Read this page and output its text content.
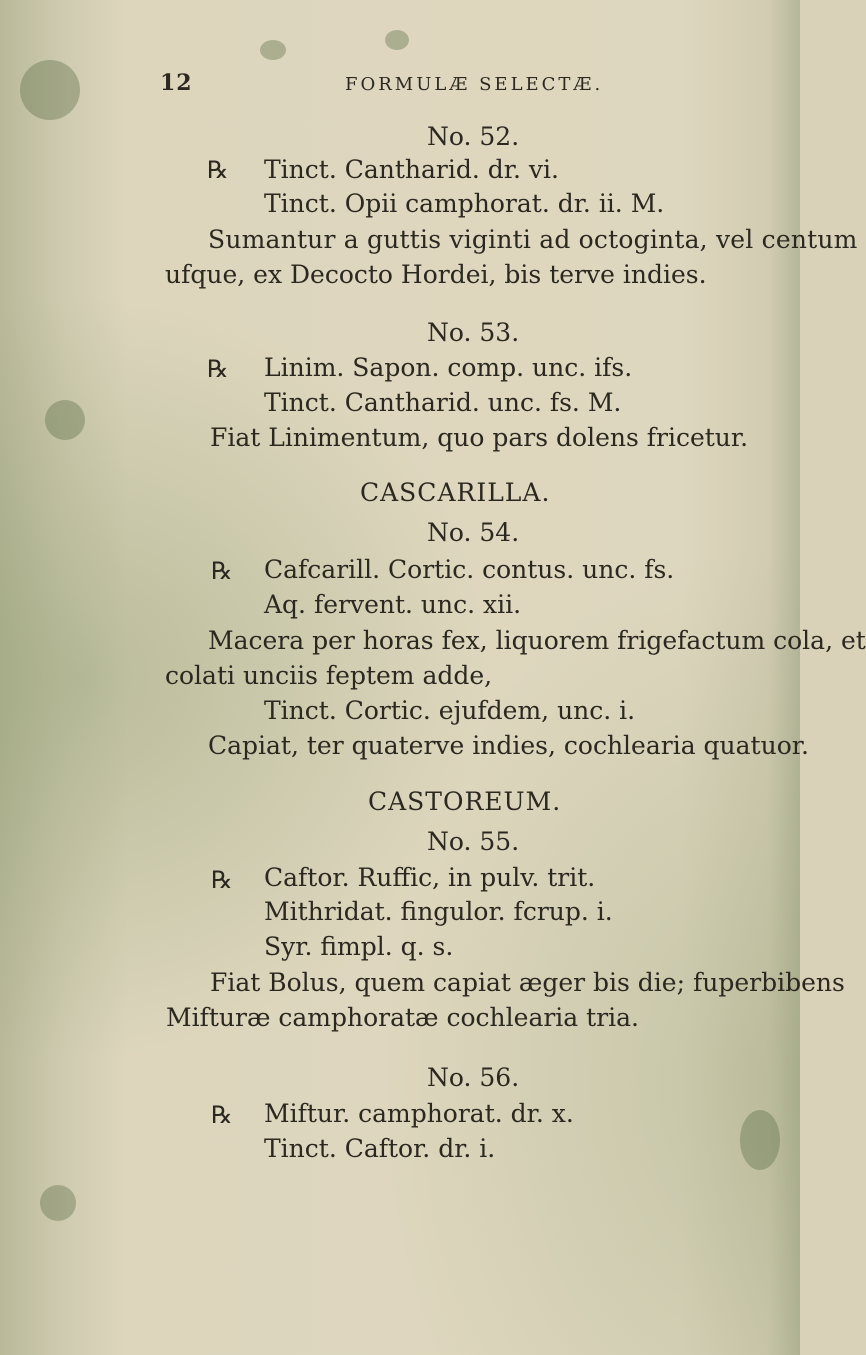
12	FORMULÆ SELECTÆ.
No. 52.
℞ Tinct. Cantharid. dr. vi.
Tinct. Opii camphorat. dr. ii. M.
Sumantur a guttis viginti ad octoginta, vel centum
ufque, ex Decocto Hordei, bis terve indies.
No. 53.
℞ Linim. Sapon. comp. unc. ifs.
Tinct. Cantharid. unc. fs. M.
Fiat Linimentum, quo pars dolens fricetur.
CASCARILLA.
No. 54.
℞ Cafcarill. Cortic. contus. unc. fs.
Aq. fervent. unc. xii.
Macera per horas fex, liquorem frigefactum cola, et
colati unciis feptem adde,
Tinct. Cortic. ejufdem, unc. i.
Capiat, ter quaterve indies, cochlearia quatuor.
CASTOREUM.
No. 55.
℞ Caftor. Ruffic, in pulv. trit.
Mithridat. fingulor. fcrup. i.
Syr. fimpl. q. s.
Fiat Bolus, quem capiat æger bis die; fuperbibens
Mifturæ camphoratæ cochlearia tria.
No. 56.
℞ Miftur. camphorat. dr. x.
Tinct. Caftor. dr. i.
